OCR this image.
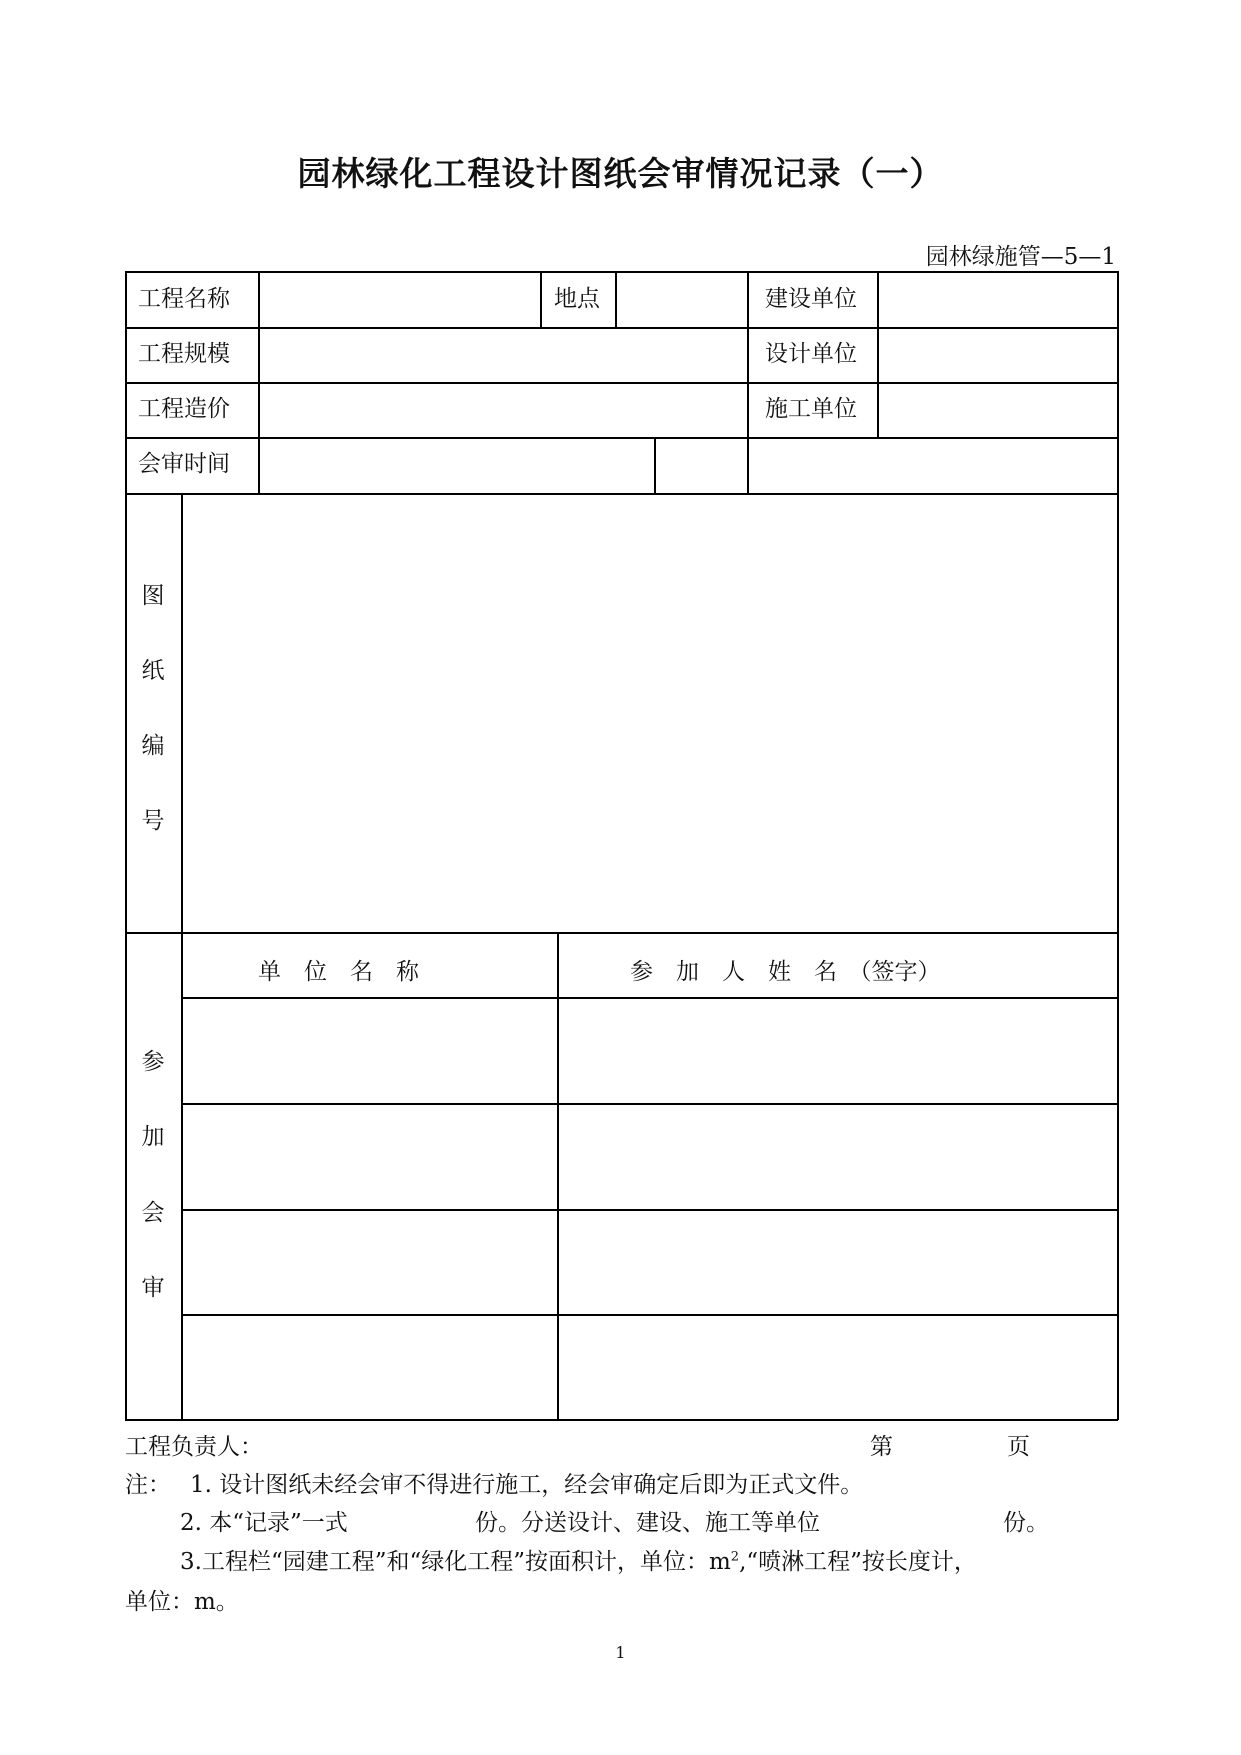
园林绿化工程设计图纸会审情况记录（一）
园林绿施管—5—1
工程名称	地点	建设单位
工程规模	设计单位
工程造价	施工单位
会审时间
图
纸
编
号
参
加
会
审
单　位　名　称	参　加　人　姓　名　（签字）
工程负责人：	第	页
注： 1. 设计图纸未经会审不得进行施工，经会审确定后即为正式文件。
2. 本“记录”一式	份。分送设计、建设、施工等单位	份。
3.工程栏“园建工程”和“绿化工程”按面积计，单位：$m^2,“$喷淋工程”按长度计，
单位：m。
1
